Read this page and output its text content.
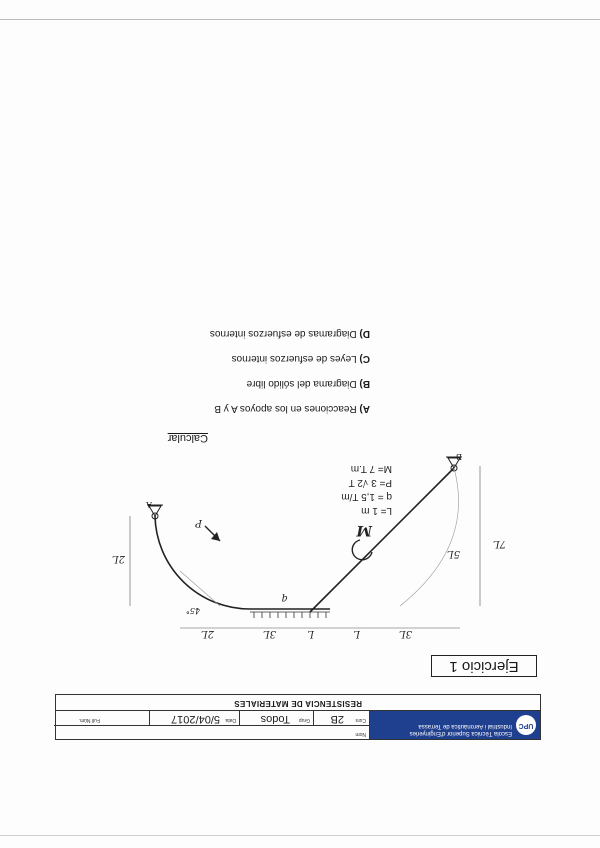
UPC
Escola Tècnica Superior d'Enginyeries
Industrial i Aeronàutica de Terrassa
Nom
Curs
2B
Grup
Todos
Data
5/04/2017
Full Núm.
RESISTENCIA DE MATERIALES
Ejercicio 1
B
A
P	M
q
45°
2L	3L	L	L	3L
2L	5L
7L
M= 7 T.m
P= 3 √2 T
q = 1,5 T/m
L= 1 m
Calcular
A) Reacciones en los apoyos A y B
B) Diagrama del sólido libre
C) Leyes de esfuerzos internos
D) Diagramas de esfuerzos internos
